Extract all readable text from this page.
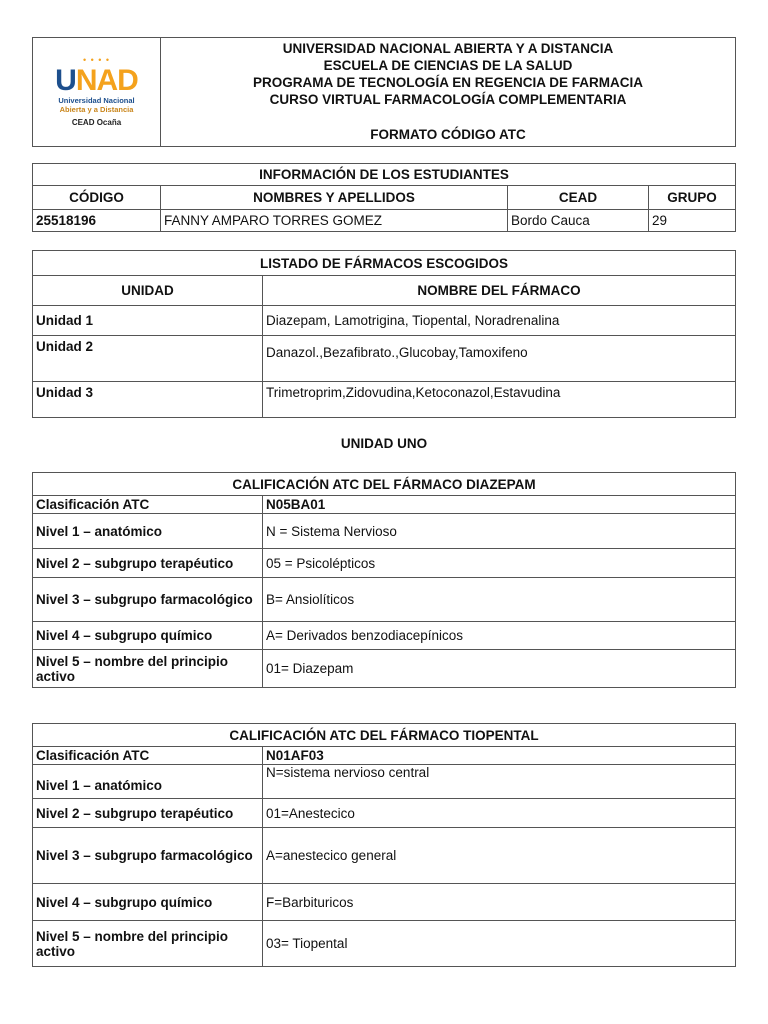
• • • •
UNAD
Universidad Nacional
Abierta y a Distancia
CEAD Ocaña

UNIVERSIDAD NACIONAL ABIERTA Y A DISTANCIA
ESCUELA DE CIENCIAS DE LA SALUD
PROGRAMA DE TECNOLOGÍA EN REGENCIA DE FARMACIA
CURSO VIRTUAL FARMACOLOGÍA COMPLEMENTARIA
FORMATO CÓDIGO ATC
INFORMACIÓN DE LOS ESTUDIANTES			
CÓDIGO	NOMBRES Y APELLIDOS	CEAD	GRUPO
25518196	FANNY AMPARO TORRES GOMEZ	Bordo Cauca	29
LISTADO DE FÁRMACOS ESCOGIDOS	
UNIDAD	NOMBRE DEL FÁRMACO
Unidad 1	Diazepam, Lamotrigina, Tiopental, Noradrenalina
Unidad 2	Danazol.,Bezafibrato.,Glucobay,Tamoxifeno
Unidad 3	Trimetroprim,Zidovudina,Ketoconazol,Estavudina
UNIDAD UNO
CALIFICACIÓN ATC DEL FÁRMACO DIAZEPAM	
Clasificación ATC	N05BA01
Nivel 1 – anatómico	N = Sistema Nervioso
Nivel 2 – subgrupo terapéutico	05 = Psicolépticos
Nivel 3 – subgrupo farmacológico	B= Ansiolíticos
Nivel 4 – subgrupo químico	A= Derivados benzodiacepínicos
Nivel 5 – nombre del principio activo	01= Diazepam
CALIFICACIÓN ATC DEL FÁRMACO TIOPENTAL	
Clasificación ATC	N01AF03
Nivel 1 – anatómico	N=sistema nervioso central
Nivel 2 – subgrupo terapéutico	01=Anestecico
Nivel 3 – subgrupo farmacológico	A=anestecico general
Nivel 4 – subgrupo químico	F=Barbituricos
Nivel 5 – nombre del principio activo	03= Tiopental
